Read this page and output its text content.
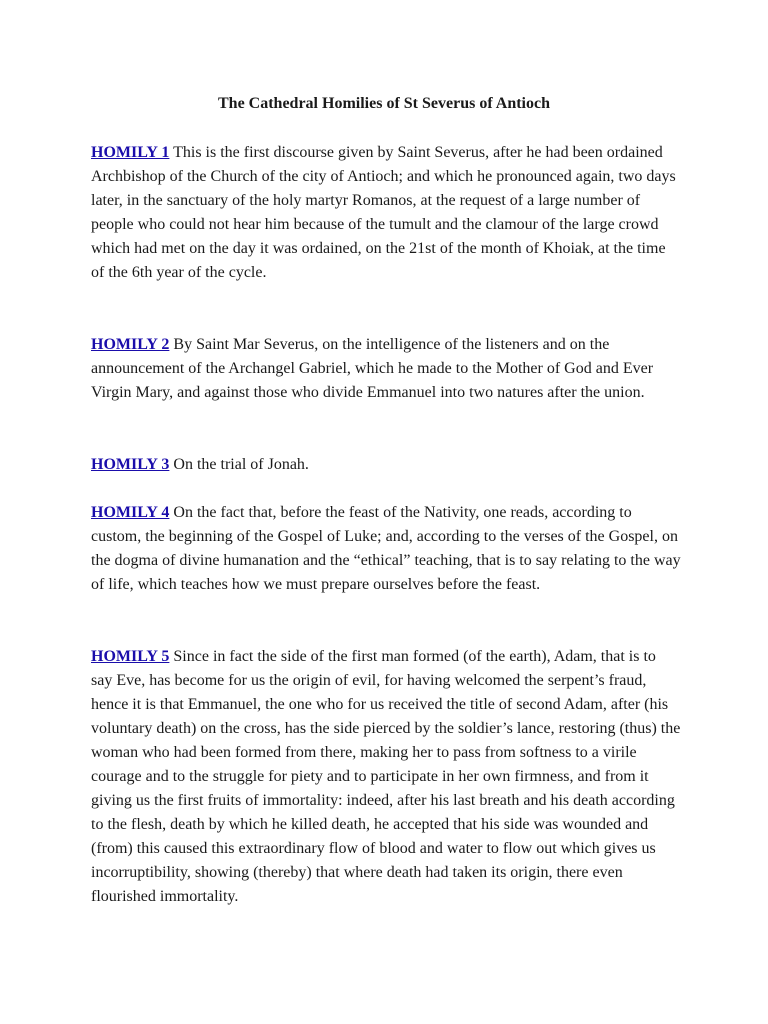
The Cathedral Homilies of St Severus of Antioch

HOMILY 1 This is the first discourse given by Saint Severus, after he had been ordained Archbishop of the Church of the city of Antioch; and which he pronounced again, two days later, in the sanctuary of the holy martyr Romanos, at the request of a large number of people who could not hear him because of the tumult and the clamour of the large crowd which had met on the day it was ordained, on the 21st of the month of Khoiak, at the time of the 6th year of the cycle.

HOMILY 2 By Saint Mar Severus, on the intelligence of the listeners and on the announcement of the Archangel Gabriel, which he made to the Mother of God and Ever Virgin Mary, and against those who divide Emmanuel into two natures after the union.

HOMILY 3 On the trial of Jonah.

HOMILY 4 On the fact that, before the feast of the Nativity, one reads, according to custom, the beginning of the Gospel of Luke; and, according to the verses of the Gospel, on the dogma of divine humanation and the “ethical” teaching, that is to say relating to the way of life, which teaches how we must prepare ourselves before the feast.

HOMILY 5 Since in fact the side of the first man formed (of the earth), Adam, that is to say Eve, has become for us the origin of evil, for having welcomed the serpent’s fraud, hence it is that Emmanuel, the one who for us received the title of second Adam, after (his voluntary death) on the cross, has the side pierced by the soldier’s lance, restoring (thus) the woman who had been formed from there, making her to pass from softness to a virile courage and to the struggle for piety and to participate in her own firmness, and from it giving us the first fruits of immortality: indeed, after his last breath and his death according to the flesh, death by which he killed death, he accepted that his side was wounded and (from) this caused this extraordinary flow of blood and water to flow out which gives us incorruptibility, showing (thereby) that where death had taken its origin, there even flourished immortality.
